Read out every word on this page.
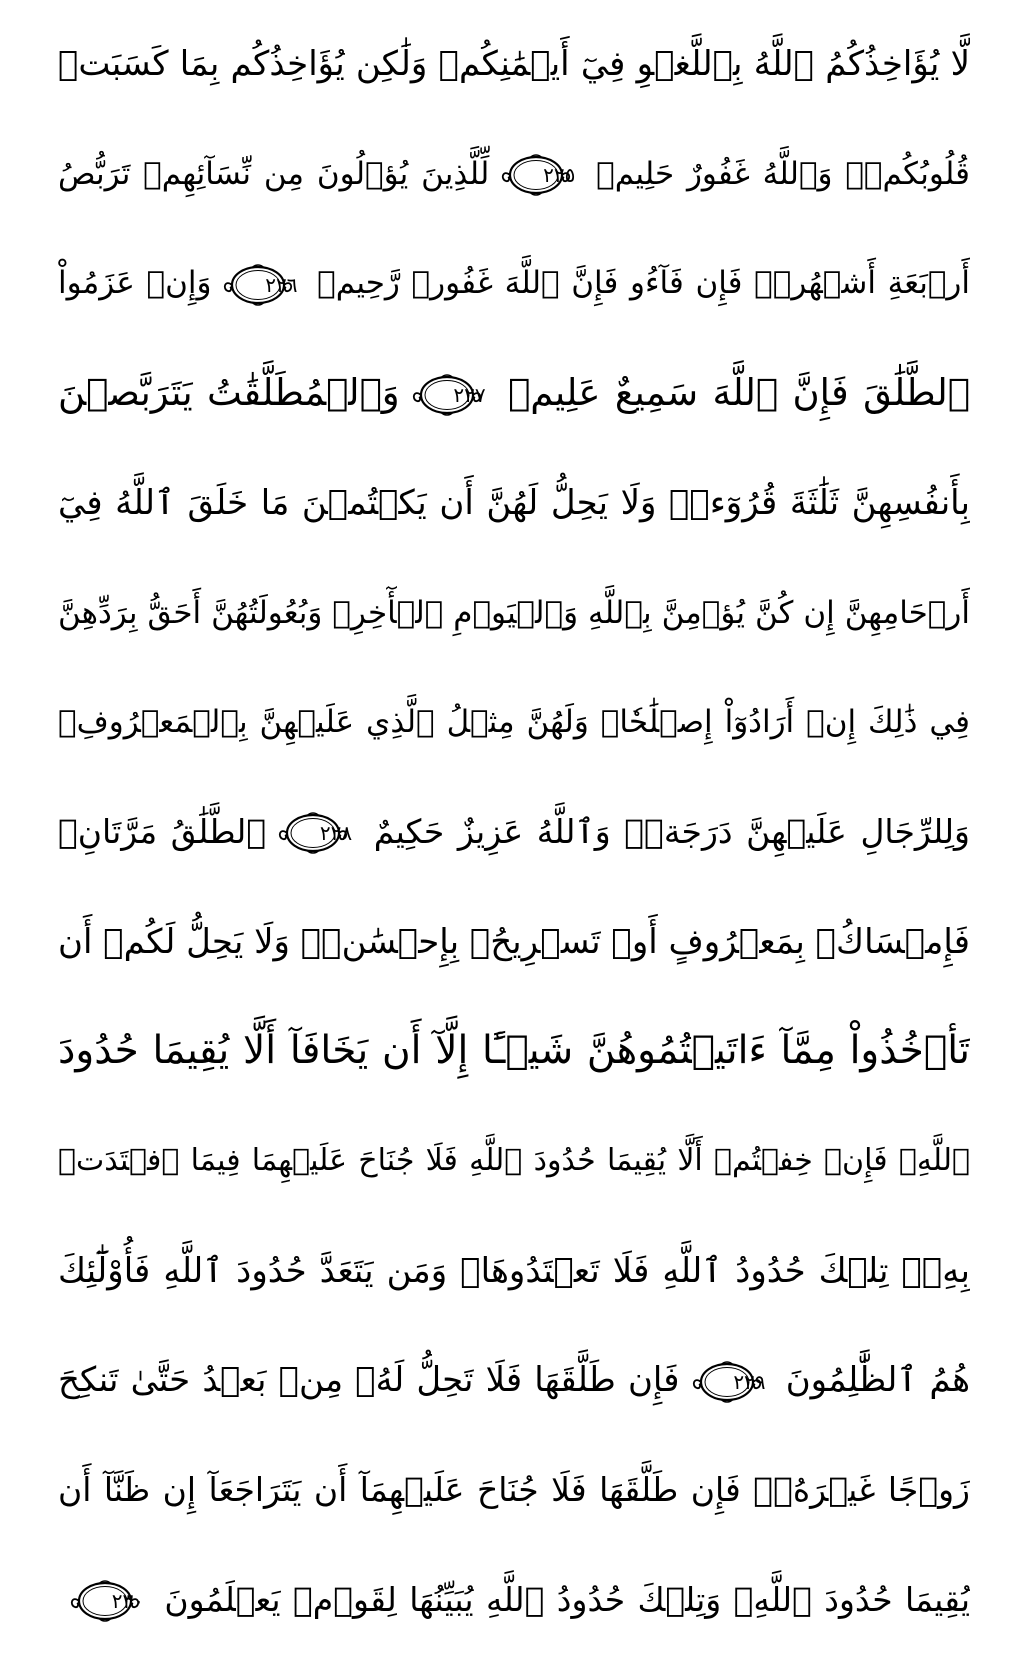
لَّا يُؤَاخِذُكُمُ ٱللَّهُ بِٱللَّغۡوِ فِيٓ أَيۡمَٰنِكُمۡ وَلَٰكِن يُؤَاخِذُكُم بِمَا كَسَبَتۡ
قُلُوبُكُمۡۗ وَٱللَّهُ غَفُورٌ حَلِيمٞ
٢٢٥
لِّلَّذِينَ يُؤۡلُونَ مِن نِّسَآئِهِمۡ تَرَبُّصُ
أَرۡبَعَةِ أَشۡهُرٖۖ فَإِن فَآءُو فَإِنَّ ٱللَّهَ غَفُورٞ رَّحِيمٞ
٢٢٦
وَإِنۡ عَزَمُواْ
ٱلطَّلَٰقَ فَإِنَّ ٱللَّهَ سَمِيعٌ عَلِيمٞ
٢٢٧
وَٱلۡمُطَلَّقَٰتُ يَتَرَبَّصۡنَ
بِأَنفُسِهِنَّ ثَلَٰثَةَ قُرُوٓءٖۚ وَلَا يَحِلُّ لَهُنَّ أَن يَكۡتُمۡنَ مَا خَلَقَ ٱللَّهُ فِيٓ
أَرۡحَامِهِنَّ إِن كُنَّ يُؤۡمِنَّ بِٱللَّهِ وَٱلۡيَوۡمِ ٱلۡأٓخِرِۚ وَبُعُولَتُهُنَّ أَحَقُّ بِرَدِّهِنَّ
فِي ذَٰلِكَ إِنۡ أَرَادُوٓاْ إِصۡلَٰحٗاۚ وَلَهُنَّ مِثۡلُ ٱلَّذِي عَلَيۡهِنَّ بِٱلۡمَعۡرُوفِۚ
وَلِلرِّجَالِ عَلَيۡهِنَّ دَرَجَةٞۗ وَٱللَّهُ عَزِيزٌ حَكِيمٌ
٢٢٨
ٱلطَّلَٰقُ مَرَّتَانِۖ
فَإِمۡسَاكُۢ بِمَعۡرُوفٍ أَوۡ تَسۡرِيحُۢ بِإِحۡسَٰنٖۗ وَلَا يَحِلُّ لَكُمۡ أَن
تَأۡخُذُواْ مِمَّآ ءَاتَيۡتُمُوهُنَّ شَيۡـًٔا إِلَّآ أَن يَخَافَآ أَلَّا يُقِيمَا حُدُودَ
ٱللَّهِۖ فَإِنۡ خِفۡتُمۡ أَلَّا يُقِيمَا حُدُودَ ٱللَّهِ فَلَا جُنَاحَ عَلَيۡهِمَا فِيمَا ٱفۡتَدَتۡ
بِهِۦۗ تِلۡكَ حُدُودُ ٱللَّهِ فَلَا تَعۡتَدُوهَاۚ وَمَن يَتَعَدَّ حُدُودَ ٱللَّهِ فَأُوْلَٰٓئِكَ
هُمُ ٱلظَّٰلِمُونَ
٢٢٩
فَإِن طَلَّقَهَا فَلَا تَحِلُّ لَهُۥ مِنۢ بَعۡدُ حَتَّىٰ تَنكِحَ
زَوۡجًا غَيۡرَهُۥۗ فَإِن طَلَّقَهَا فَلَا جُنَاحَ عَلَيۡهِمَآ أَن يَتَرَاجَعَآ إِن ظَنَّآ أَن
يُقِيمَا حُدُودَ ٱللَّهِۗ وَتِلۡكَ حُدُودُ ٱللَّهِ يُبَيِّنُهَا لِقَوۡمٖ يَعۡلَمُونَ
٢٣٠
